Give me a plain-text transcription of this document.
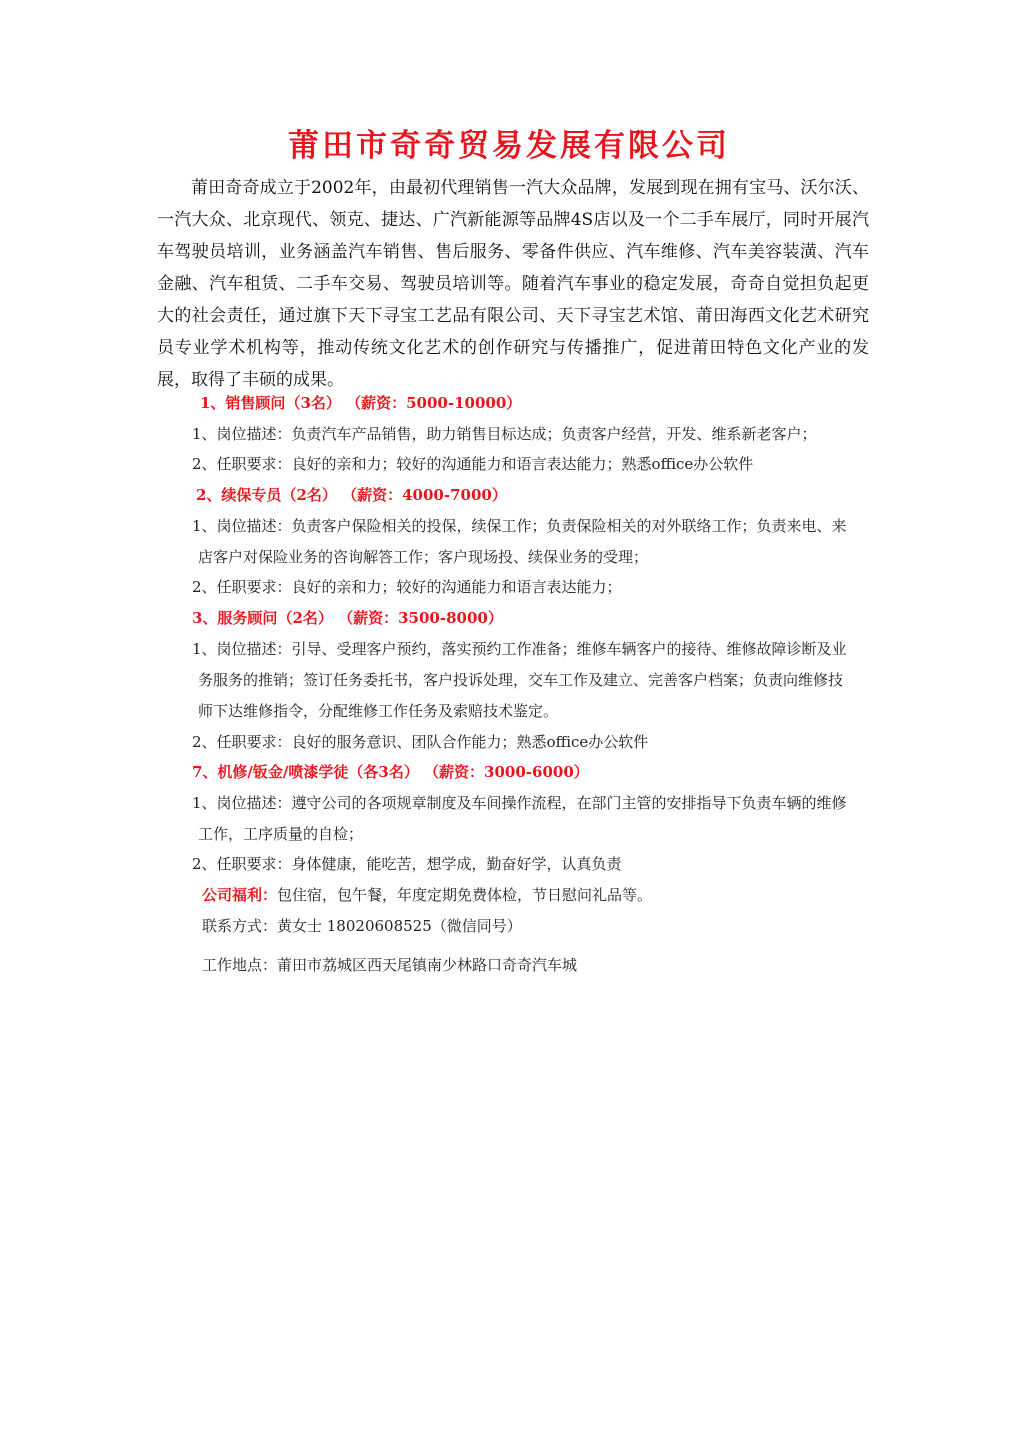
莆田市奇奇贸易发展有限公司

莆田奇奇成立于2002年，由最初代理销售一汽大众品牌，发展到现在拥有宝马、沃尔沃、一汽大众、北京现代、领克、捷达、广汽新能源等品牌4S店以及一个二手车展厅，同时开展汽车驾驶员培训，业务涵盖汽车销售、售后服务、零备件供应、汽车维修、汽车美容装潢、汽车金融、汽车租赁、二手车交易、驾驶员培训等。随着汽车事业的稳定发展，奇奇自觉担负起更大的社会责任，通过旗下天下寻宝工艺品有限公司、天下寻宝艺术馆、莆田海西文化艺术研究员专业学术机构等，推动传统文化艺术的创作研究与传播推广，促进莆田特色文化产业的发展，取得了丰硕的成果。

1、销售顾问（3名） （薪资：5000-10000）
1、岗位描述：负责汽车产品销售，助力销售目标达成；负责客户经营，开发、维系新老客户；
2、任职要求：良好的亲和力；较好的沟通能力和语言表达能力；熟悉office办公软件
2、续保专员（2名） （薪资：4000-7000）
1、岗位描述：负责客户保险相关的投保，续保工作；负责保险相关的对外联络工作；负责来电、来
店客户对保险业务的咨询解答工作；客户现场投、续保业务的受理；
2、任职要求：良好的亲和力；较好的沟通能力和语言表达能力；
3、服务顾问（2名） （薪资：3500-8000）
1、岗位描述：引导、受理客户预约，落实预约工作准备；维修车辆客户的接待、维修故障诊断及业
务服务的推销；签订任务委托书，客户投诉处理，交车工作及建立、完善客户档案；负责向维修技
师下达维修指令，分配维修工作任务及索赔技术鉴定。
2、任职要求：良好的服务意识、团队合作能力；熟悉office办公软件
7、机修/钣金/喷漆学徒（各3名） （薪资：3000-6000）
1、岗位描述：遵守公司的各项规章制度及车间操作流程，在部门主管的安排指导下负责车辆的维修
工作，工序质量的自检；
2、任职要求：身体健康，能吃苦，想学成，勤奋好学，认真负责
公司福利：包住宿，包午餐，年度定期免费体检，节日慰问礼品等。
联系方式：黄女士 18020608525（微信同号）
工作地点：莆田市荔城区西天尾镇南少林路口奇奇汽车城
